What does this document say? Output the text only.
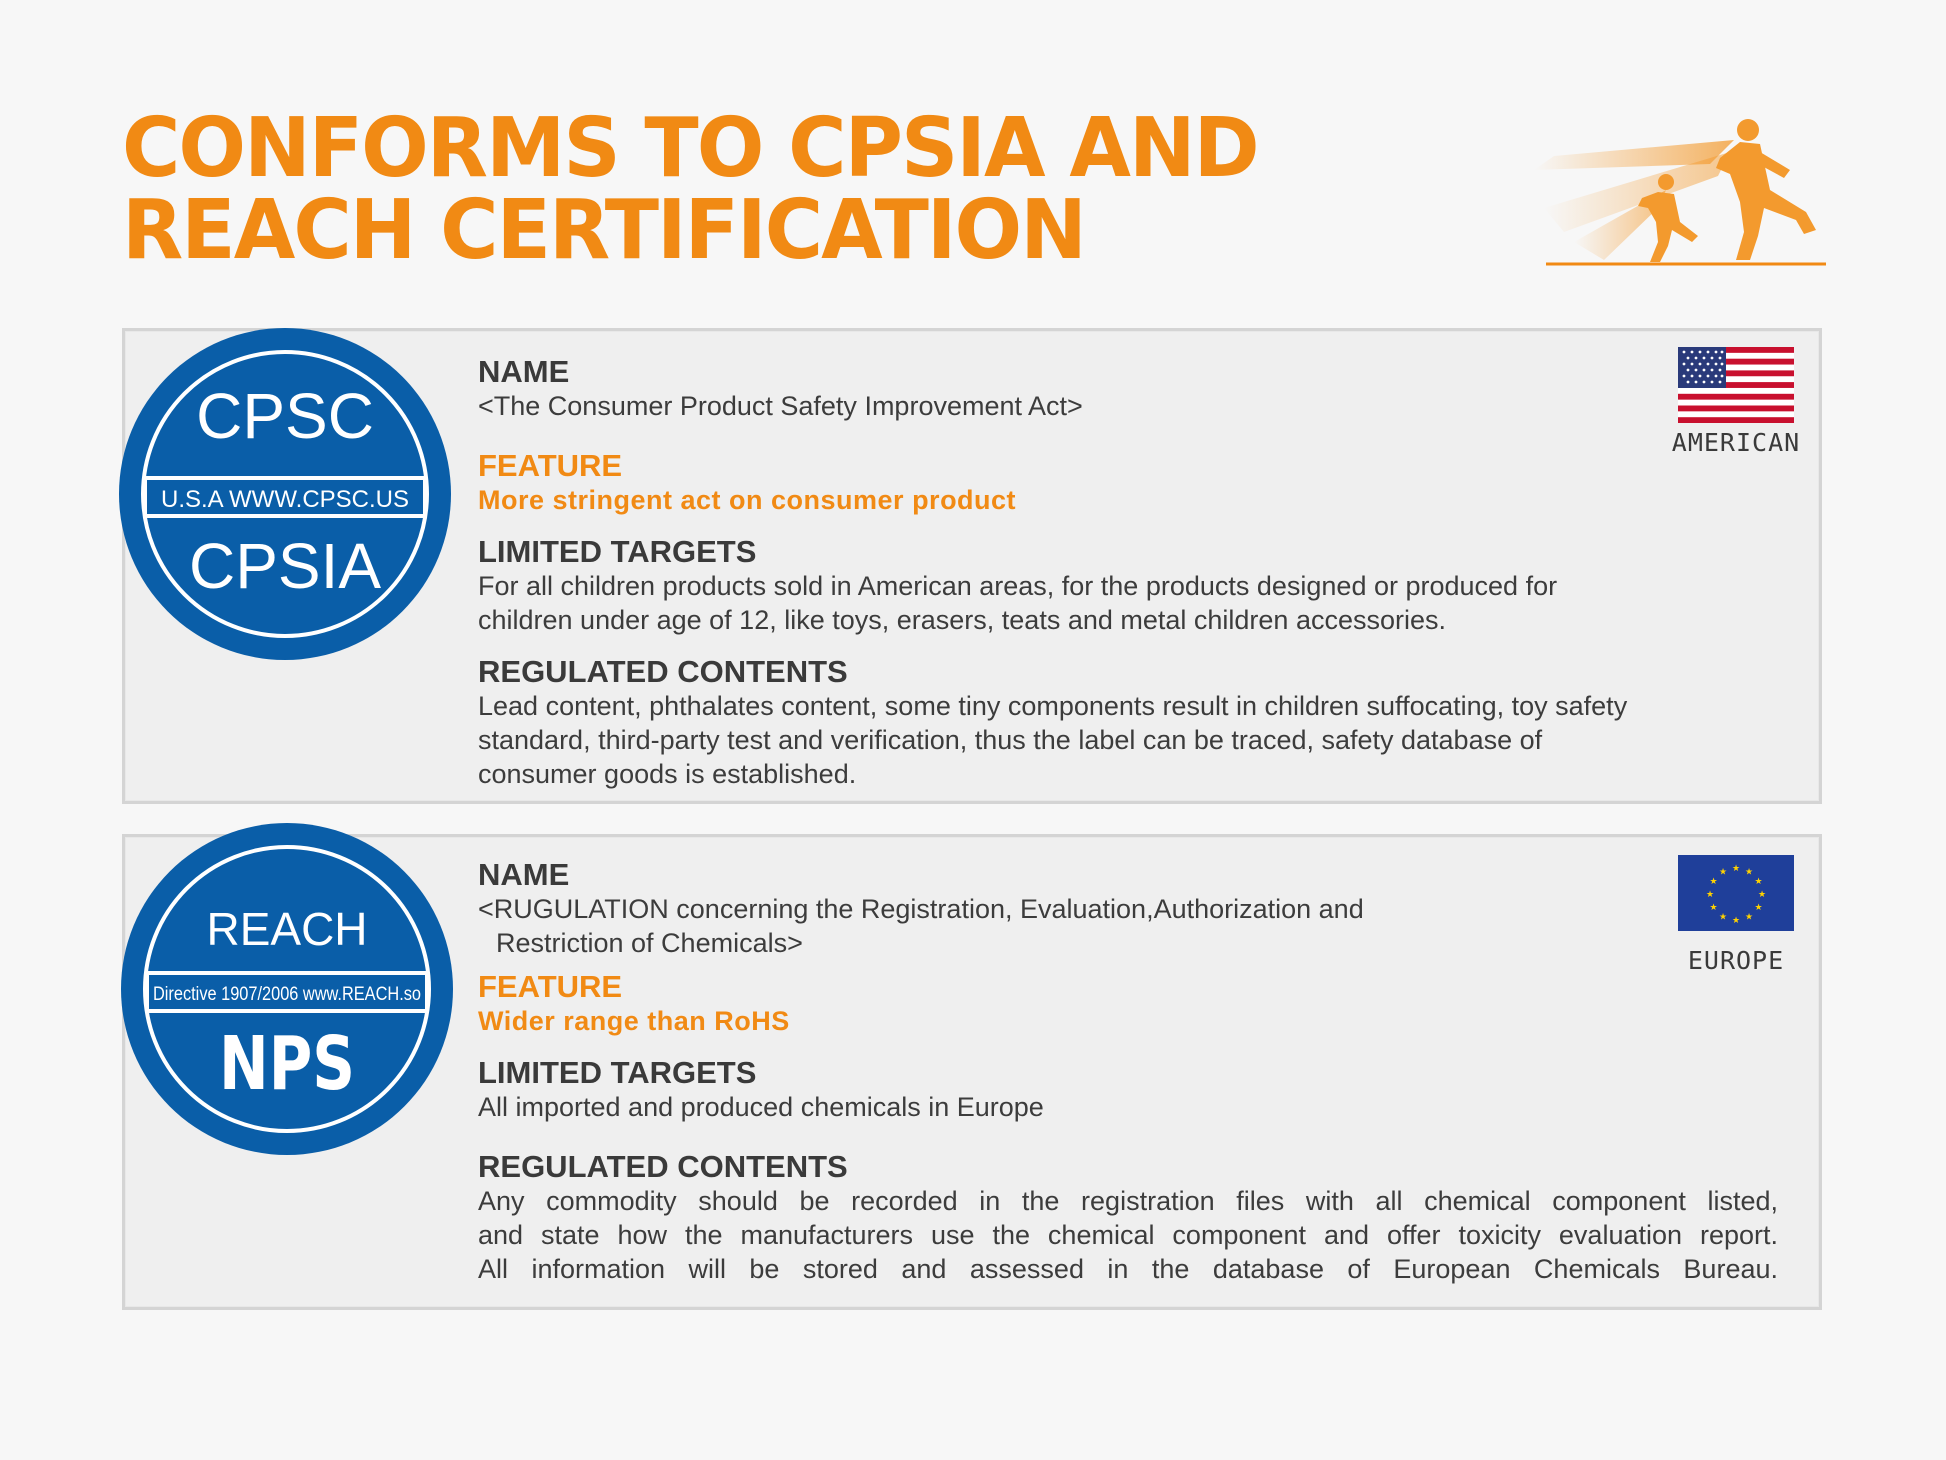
CONFORMS TO CPSIA AND
REACH CERTIFICATION
CPSC
U.S.A WWW.CPSC.US
CPSIA

NAME

<The Consumer Product Safety Improvement Act>

FEATURE

More stringent act on consumer product

LIMITED TARGETS

For all children products sold in American areas, for the products designed or produced for

children under age of 12, like toys, erasers, teats and metal children accessories.

REGULATED CONTENTS

Lead content, phthalates content, some tiny components result in children suffocating, toy safety

standard, third-party test and verification, thus the label can be traced, safety database of

consumer goods is established.

AMERICAN
REACH
Directive 1907/2006 www.REACH.so
NPS

NAME

<RUGULATION concerning the Registration, Evaluation,Authorization and

Restriction of Chemicals>

FEATURE

Wider range than RoHS

LIMITED TARGETS

All imported and produced chemicals in Europe

REGULATED CONTENTS

Any commodity should be recorded in the registration files with all chemical component listed,

and state how the manufacturers use the chemical component and offer toxicity evaluation report.

All information will be stored and assessed in the database of European Chemicals Bureau.

★ ★
★
★
★
★
★
★
★
★
★
★
EUROPE
